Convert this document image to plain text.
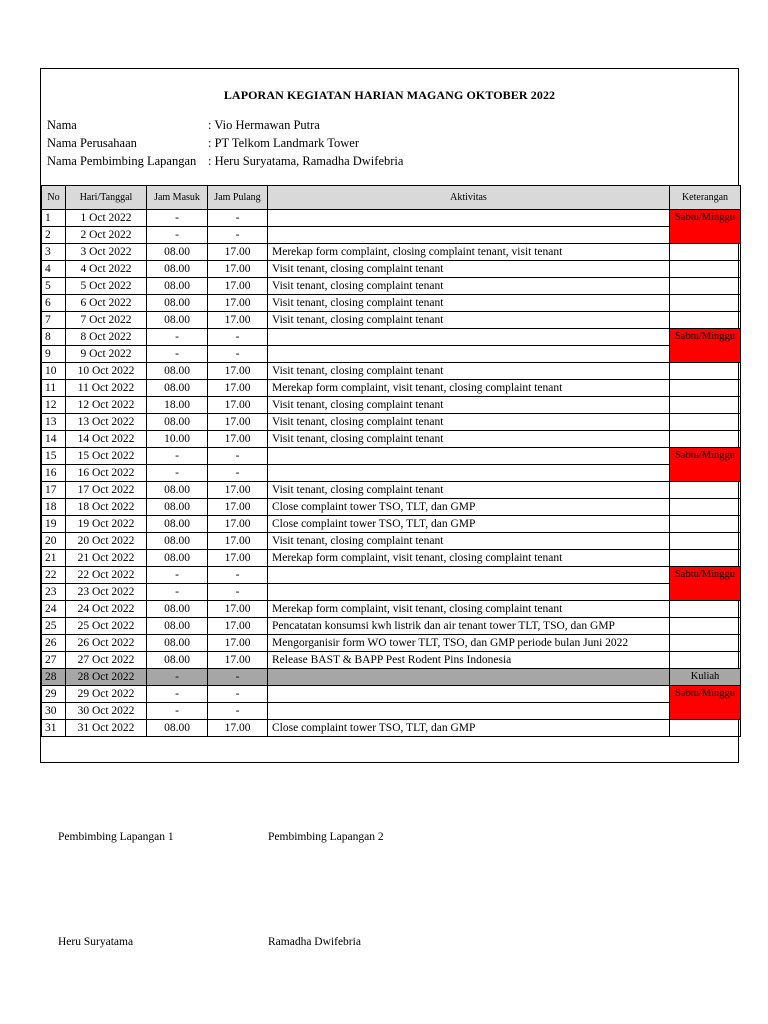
LAPORAN KEGIATAN HARIAN MAGANG OKTOBER 2022
Nama	: Vio Hermawan Putra
Nama Perusahaan	: PT Telkom Landmark Tower
Nama Pembimbing Lapangan	: Heru Suryatama, Ramadha Dwifebria
No	Hari/Tanggal	Jam Masuk	Jam Pulang	Aktivitas	Keterangan
1	1 Oct 2022	-	-		Sabtu/Minggu
2	2 Oct 2022	-	-		
3	3 Oct 2022	08.00	17.00	Merekap form complaint, closing complaint tenant, visit tenant	
4	4 Oct 2022	08.00	17.00	Visit tenant, closing complaint tenant	
5	5 Oct 2022	08.00	17.00	Visit tenant, closing complaint tenant	
6	6 Oct 2022	08.00	17.00	Visit tenant, closing complaint tenant	
7	7 Oct 2022	08.00	17.00	Visit tenant, closing complaint tenant	
8	8 Oct 2022	-	-		Sabtu/Minggu
9	9 Oct 2022	-	-		
10	10 Oct 2022	08.00	17.00	Visit tenant, closing complaint tenant	
11	11 Oct 2022	08.00	17.00	Merekap form complaint, visit tenant, closing complaint tenant	
12	12 Oct 2022	18.00	17.00	Visit tenant, closing complaint tenant	
13	13 Oct 2022	08.00	17.00	Visit tenant, closing complaint tenant	
14	14 Oct 2022	10.00	17.00	Visit tenant, closing complaint tenant	
15	15 Oct 2022	-	-		Sabtu/Minggu
16	16 Oct 2022	-	-		
17	17 Oct 2022	08.00	17.00	Visit tenant, closing complaint tenant	
18	18 Oct 2022	08.00	17.00	Close complaint tower TSO, TLT, dan GMP	
19	19 Oct 2022	08.00	17.00	Close complaint tower TSO, TLT, dan GMP	
20	20 Oct 2022	08.00	17.00	Visit tenant, closing complaint tenant	
21	21 Oct 2022	08.00	17.00	Merekap form complaint, visit tenant, closing complaint tenant	
22	22 Oct 2022	-	-		Sabtu/Minggu
23	23 Oct 2022	-	-		
24	24 Oct 2022	08.00	17.00	Merekap form complaint, visit tenant, closing complaint tenant	
25	25 Oct 2022	08.00	17.00	Pencatatan konsumsi kwh listrik dan air tenant tower TLT, TSO, dan GMP	
26	26 Oct 2022	08.00	17.00	Mengorganisir form WO tower TLT, TSO, dan GMP periode bulan Juni 2022	
27	27 Oct 2022	08.00	17.00	Release BAST & BAPP Pest Rodent Pins Indonesia	
28	28 Oct 2022	-	-		Kuliah
29	29 Oct 2022	-	-		Sabtu/Minggu
30	30 Oct 2022	-	-		
31	31 Oct 2022	08.00	17.00	Close complaint tower TSO, TLT, dan GMP	
Pembimbing Lapangan 1	Pembimbing Lapangan 2
Heru Suryatama	Ramadha Dwifebria
